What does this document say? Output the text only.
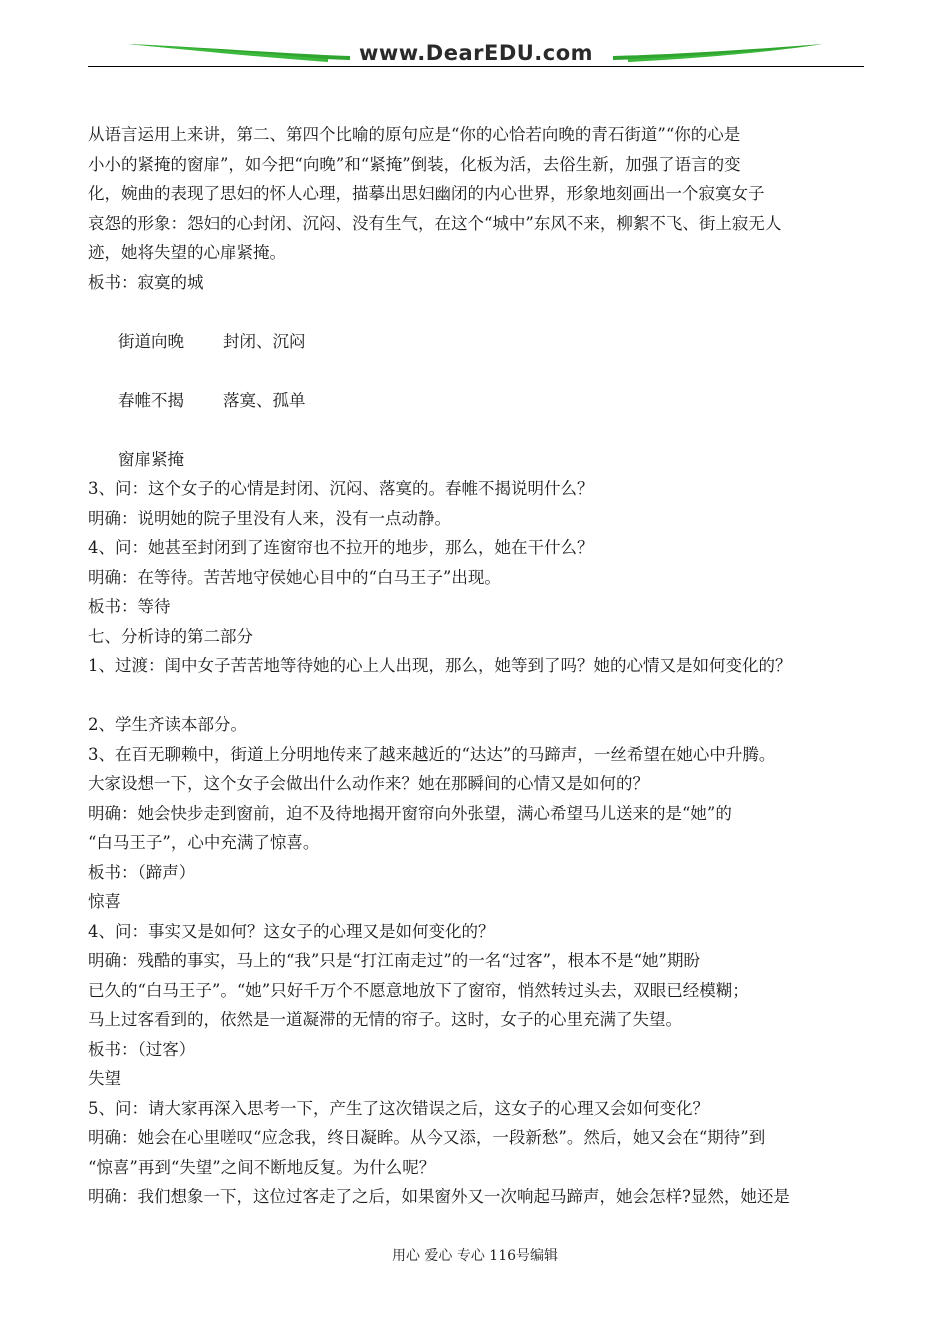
www.DearEDU.com
从语言运用上来讲，第二、第四个比喻的原句应是“你的心恰若向晚的青石街道”“你的心是
小小的紧掩的窗扉”，如今把“向晚”和“紧掩”倒装，化板为活，去俗生新，加强了语言的变
化，婉曲的表现了思妇的怀人心理，描摹出思妇幽闭的内心世界，形象地刻画出一个寂寞女子
哀怨的形象：怨妇的心封闭、沉闷、没有生气，在这个“城中”东风不来，柳絮不飞、街上寂无人
迹，她将失望的心扉紧掩。
板书：寂寞的城
街道向晚 封闭、沉闷
春帷不揭 落寞、孤单
窗扉紧掩
3、问：这个女子的心情是封闭、沉闷、落寞的。春帷不揭说明什么？
明确：说明她的院子里没有人来，没有一点动静。
4、问：她甚至封闭到了连窗帘也不拉开的地步，那么，她在干什么？
明确：在等待。苦苦地守侯她心目中的“白马王子”出现。
板书：等待
七、分析诗的第二部分
1、过渡：闺中女子苦苦地等待她的心上人出现，那么，她等到了吗？她的心情又是如何变化的？
2、学生齐读本部分。
3、在百无聊赖中，街道上分明地传来了越来越近的“达达”的马蹄声，一丝希望在她心中升腾。
大家设想一下，这个女子会做出什么动作来？她在那瞬间的心情又是如何的？
明确：她会快步走到窗前，迫不及待地揭开窗帘向外张望，满心希望马儿送来的是“她”的
“白马王子”，心中充满了惊喜。
板书：（蹄声）
惊喜
4、问：事实又是如何？这女子的心理又是如何变化的？
明确：残酷的事实，马上的“我”只是“打江南走过”的一名“过客”，根本不是“她”期盼
已久的“白马王子”。“她”只好千万个不愿意地放下了窗帘，悄然转过头去，双眼已经模糊；
马上过客看到的，依然是一道凝滞的无情的帘子。这时，女子的心里充满了失望。
板书：（过客）
失望
5、问：请大家再深入思考一下，产生了这次错误之后，这女子的心理又会如何变化？
明确：她会在心里嗟叹“应念我，终日凝眸。从今又添，一段新愁”。然后，她又会在“期待”到
“惊喜”再到“失望”之间不断地反复。为什么呢？
明确：我们想象一下，这位过客走了之后，如果窗外又一次响起马蹄声，她会怎样?显然，她还是
用心 爱心 专心 116号编辑
